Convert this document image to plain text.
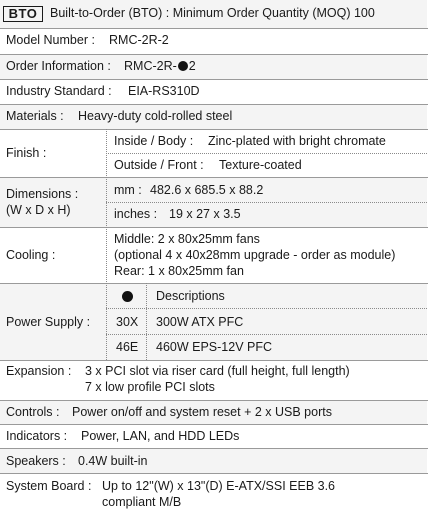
BTO	Built-to-Order (BTO) : Minimum Order Quantity (MOQ) 100
Model Number : RMC-2R-2
Order Information : RMC-2R- 2
Industry Standard : EIA-RS310D
Materials : Heavy-duty cold-rolled steel
Finish :
Inside / Body : Zinc-plated with bright chromate
Outside / Front : Texture-coated
Dimensions :
(W x D x H)
mm : 482.6 x 685.5 x 88.2
inches : 19 x 27 x 3.5
Cooling :
Middle: 2 x 80x25mm fans
(optional 4 x 40x28mm upgrade - order as module)
Rear: 1 x 80x25mm fan
Power Supply :
Descriptions
30X 300W ATX PFC
46E 460W EPS-12V PFC
Expansion : 3 x PCI slot via riser card (full height, full length)
7 x low profile PCI slots
Controls : Power on/off and system reset + 2 x USB ports
Indicators : Power, LAN, and HDD LEDs
Speakers : 0.4W built-in
System Board : Up to 12"(W) x 13"(D) E-ATX/SSI EEB 3.6
compliant M/B
